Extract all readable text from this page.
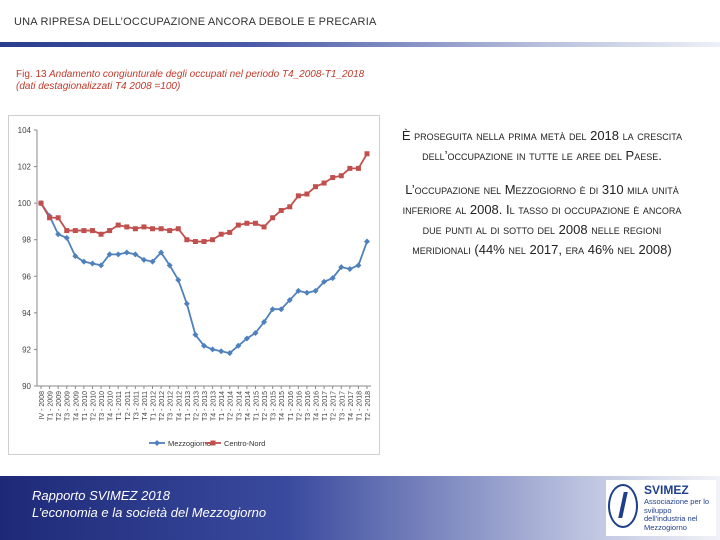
UNA RIPRESA DELL’OCCUPAZIONE ANCORA DEBOLE E PRECARIA
Fig. 13 Andamento congiunturale degli occupati nel periodo T4_2008-T1_2018 (dati destagionalizzati T4 2008 =100)
90
92
94
96
98
100
102
104
IV - 2008 T1 - 2009 T2 - 2009 T3 - 2009 T4 - 2009 T1 - 2010 T2 - 2010 T3 - 2010 T4 - 2010 T1 - 2011 T2 - 2011 T3 - 2011 T4 - 2011 T1 - 2012 T2 - 2012 T3 - 2012 T4 - 2012 T1 - 2013 T2 - 2013 T3 - 2013 T4 - 2013 T1 - 2014 T2 - 2014 T3 - 2014 T4 - 2014 T1 - 2015 T2 - 2015 T3 - 2015 T4 - 2015 T1 - 2016 T2 - 2016 T3 - 2016 T4 - 2016 T1 - 2017 T2 - 2017 T3 - 2017 T4 - 2017 T1 - 2018 T2 - 2018
Mezzogiorno Centro-Nord

È proseguita nella prima metà del 2018 la crescita dell’occupazione in tutte le aree del Paese.

L’occupazione nel Mezzogiorno è di 310 mila unità inferiore al 2008. Il tasso di occupazione è ancora due punti al di sotto del 2008 nelle regioni meridionali (44% nel 2017, era 46% nel 2008)

Rapporto SVIMEZ 2018
L’economia e la società del Mezzogiorno
SVIMEZ
Associazione per lo sviluppo dell'industria nel Mezzogiorno
